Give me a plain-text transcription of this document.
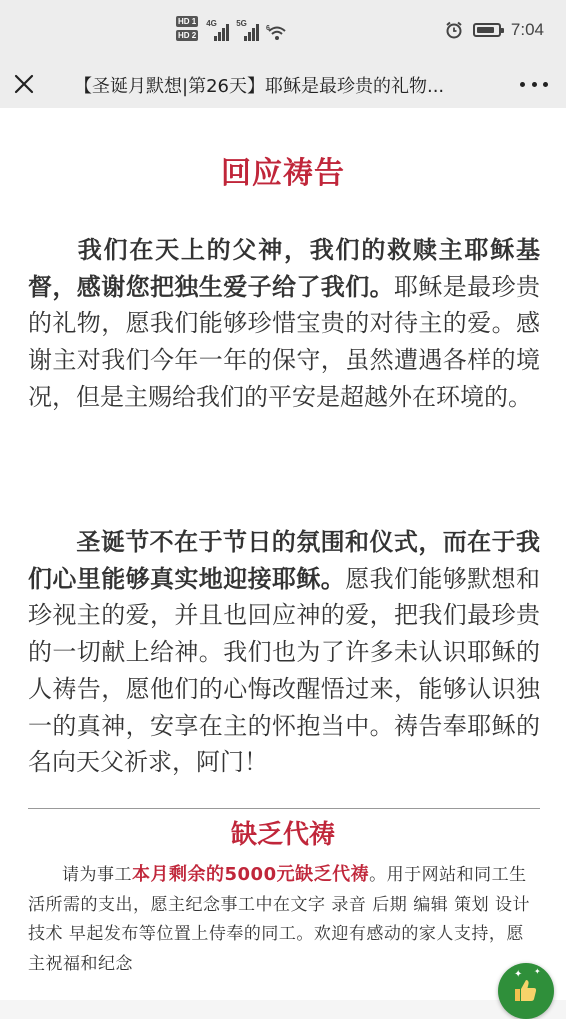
HD 1
HD 2
4G 5G
6	7:04
【圣诞月默想|第26天】耶稣是最珍贵的礼物...
回应祷告

我们在天上的父神，我们的救赎主耶稣基督，感谢您把独生爱子给了我们。耶稣是最珍贵的礼物，愿我们能够珍惜宝贵的对待主的爱。感谢主对我们今年一年的保守，虽然遭遇各样的境况，但是主赐给我们的平安是超越外在环境的。

圣诞节不在于节日的氛围和仪式，而在于我们心里能够真实地迎接耶稣。愿我们能够默想和珍视主的爱，并且也回应神的爱，把我们最珍贵的一切献上给神。我们也为了许多未认识耶稣的人祷告，愿他们的心悔改醒悟过来，能够认识独一的真神，安享在主的怀抱当中。祷告奉耶稣的名向天父祈求，阿门！

缺乏代祷

请为事工本月剩余的5000元缺乏代祷。用于网站和同工生活所需的支出，愿主纪念事工中在文字 录音 后期 编辑 策划 设计 技术 早起发布等位置上侍奉的同工。欢迎有感动的家人支持，愿主祝福和纪念

✦ ✦
